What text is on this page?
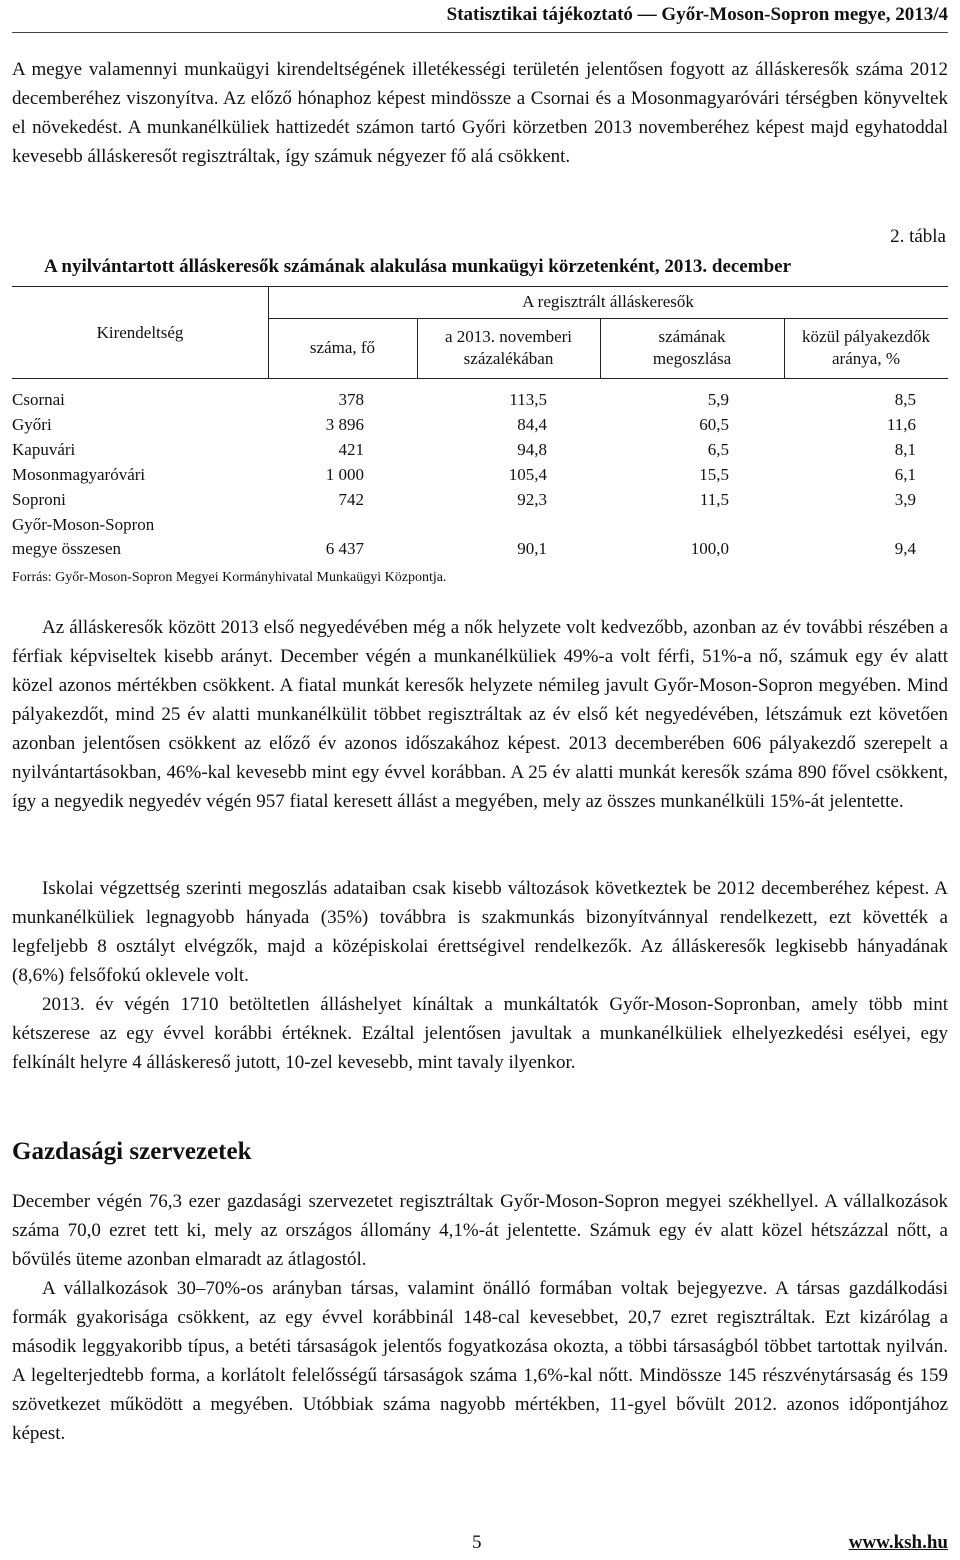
Statisztikai tájékoztató — Győr-Moson-Sopron megye, 2013/4

A megye valamennyi munkaügyi kirendeltségének illetékességi területén jelentősen fogyott az álláskeresők száma 2012 decemberéhez viszonyítva. Az előző hónaphoz képest mindössze a Csornai és a Mosonmagyaróvári térségben könyveltek el növekedést. A munkanélküliek hattizedét számon tartó Győri körzetben 2013 novemberéhez képest majd egyhatoddal kevesebb álláskeresőt regisztráltak, így számuk négyezer fő alá csökkent.

2. tábla
A nyilvántartott álláskeresők számának alakulása munkaügyi körzetenként, 2013. december
Kirendeltség
A regisztrált álláskeresők
száma, fő
a 2013. novemberi
százalékában
számának
megoszlása
közül pályakezdők
aránya, %
Csornai	378	113,5	5,9	8,5
Győri	3 896	84,4	60,5	11,6
Kapuvári	421	94,8	6,5	8,1
Mosonmagyaróvári	1 000	105,4	15,5	6,1
Soproni	742	92,3	11,5	3,9
Győr-Moson-Sopron
megye összesen	6 437	90,1	100,0	9,4
Forrás: Győr-Moson-Sopron Megyei Kormányhivatal Munkaügyi Központja.

Az álláskeresők között 2013 első negyedévében még a nők helyzete volt kedvezőbb, azonban az év további részében a férfiak képviseltek kisebb arányt. December végén a munkanélküliek 49%-a volt férfi, 51%-a nő, számuk egy év alatt közel azonos mértékben csökkent. A fiatal munkát keresők helyzete némileg javult Győr-Moson-Sopron megyében. Mind pályakezdőt, mind 25 év alatti munkanélkülit többet regisztráltak az év első két negyedévében, létszámuk ezt követően azonban jelentősen csökkent az előző év azonos időszakához képest. 2013 decemberében 606 pályakezdő szerepelt a nyilvántartásokban, 46%-kal kevesebb mint egy évvel korábban. A 25 év alatti munkát keresők száma 890 fővel csökkent, így a negyedik negyedév végén 957 fiatal keresett állást a megyében, mely az összes munkanélküli 15%-át jelentette.

Iskolai végzettség szerinti megoszlás adataiban csak kisebb változások következtek be 2012 decemberéhez képest. A munkanélküliek legnagyobb hányada (35%) továbbra is szakmunkás bizonyítvánnyal rendelkezett, ezt követték a legfeljebb 8 osztályt elvégzők, majd a középiskolai érettségivel rendelkezők. Az álláskeresők legkisebb hányadának (8,6%) felsőfokú oklevele volt.

2013. év végén 1710 betöltetlen álláshelyet kínáltak a munkáltatók Győr-Moson-Sopronban, amely több mint kétszerese az egy évvel korábbi értéknek. Ezáltal jelentősen javultak a munkanélküliek elhelyezkedési esélyei, egy felkínált helyre 4 álláskereső jutott, 10-zel kevesebb, mint tavaly ilyenkor.

Gazdasági szervezetek

December végén 76,3 ezer gazdasági szervezetet regisztráltak Győr-Moson-Sopron megyei székhellyel. A vállalkozások száma 70,0 ezret tett ki, mely az országos állomány 4,1%-át jelentette. Számuk egy év alatt közel hétszázzal nőtt, a bővülés üteme azonban elmaradt az átlagostól.

A vállalkozások 30–70%-os arányban társas, valamint önálló formában voltak bejegyezve. A társas gazdálkodási formák gyakorisága csökkent, az egy évvel korábbinál 148-cal kevesebbet, 20,7 ezret regisztráltak. Ezt kizárólag a második leggyakoribb típus, a betéti társaságok jelentős fogyatkozása okozta, a többi társaságból többet tartottak nyilván. A legelterjedtebb forma, a korlátolt felelősségű társaságok száma 1,6%-kal nőtt. Mindössze 145 részvénytársaság és 159 szövetkezet működött a megyében. Utóbbiak száma nagyobb mértékben, 11-gyel bővült 2012. azonos időpontjához képest.

5	www.ksh.hu
